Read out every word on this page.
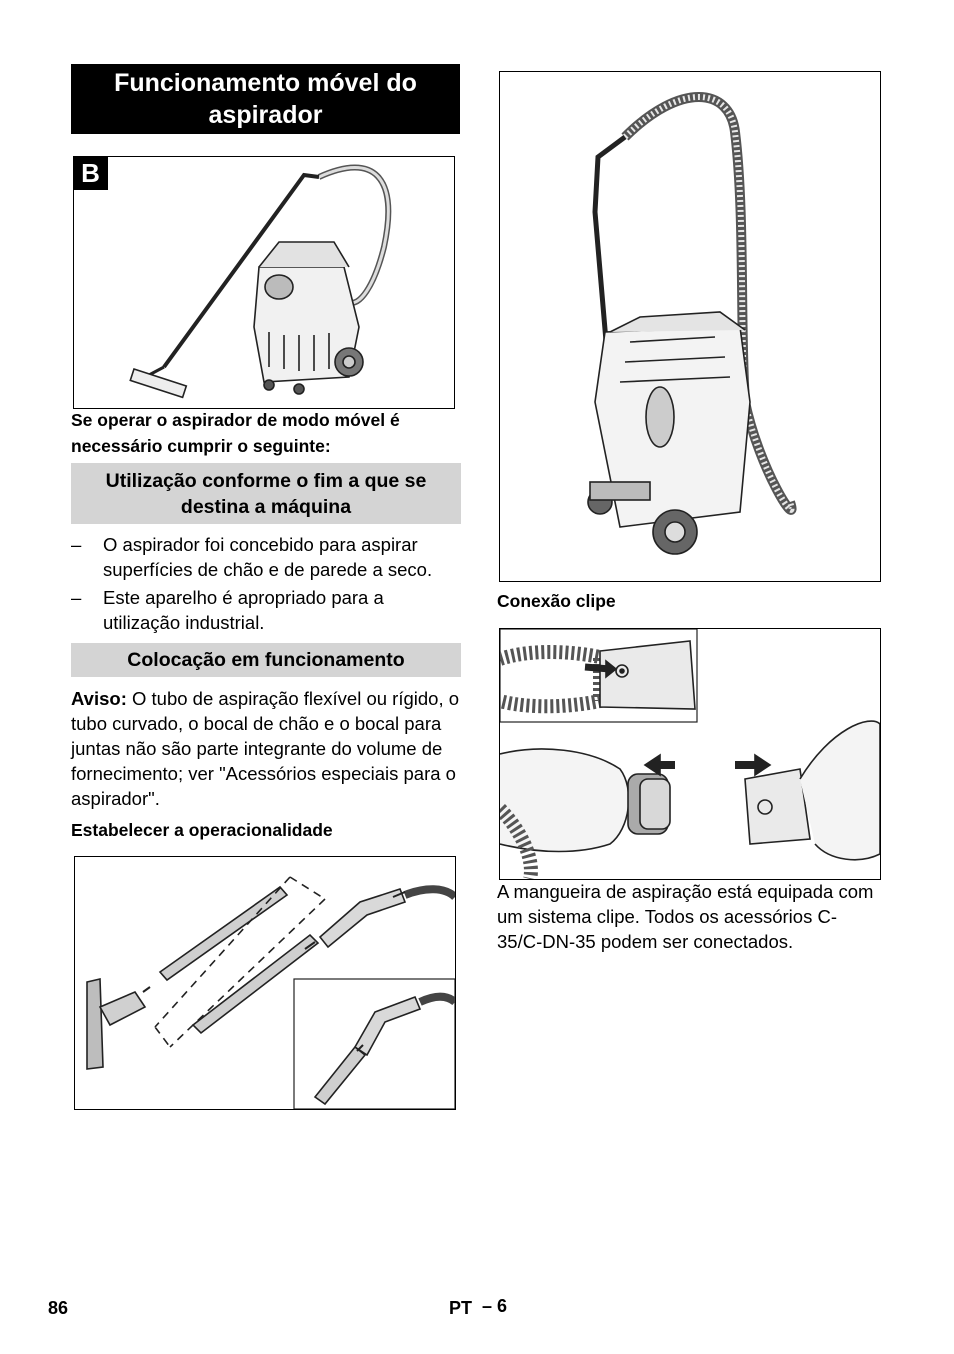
Funcionamento móvel do aspirador
B
Se operar o aspirador de modo móvel é necessário cumprir o seguinte:
Utilização conforme o fim a que se destina a máquina
–	O aspirador foi concebido para aspirar superfícies de chão e de parede a seco.
–	Este aparelho é apropriado para a utilização industrial.
Colocação em funcionamento
Aviso: O tubo de aspiração flexível ou rígido, o tubo curvado, o bocal de chão e o bocal para juntas não são parte integrante do volume de fornecimento; ver "Acessórios especiais para o aspirador".
Estabelecer a operacionalidade
Conexão clipe
A mangueira de aspiração está equipada com um sistema clipe. Todos os acessórios C-35/C-DN-35 podem ser conectados.
86	PT – 6
